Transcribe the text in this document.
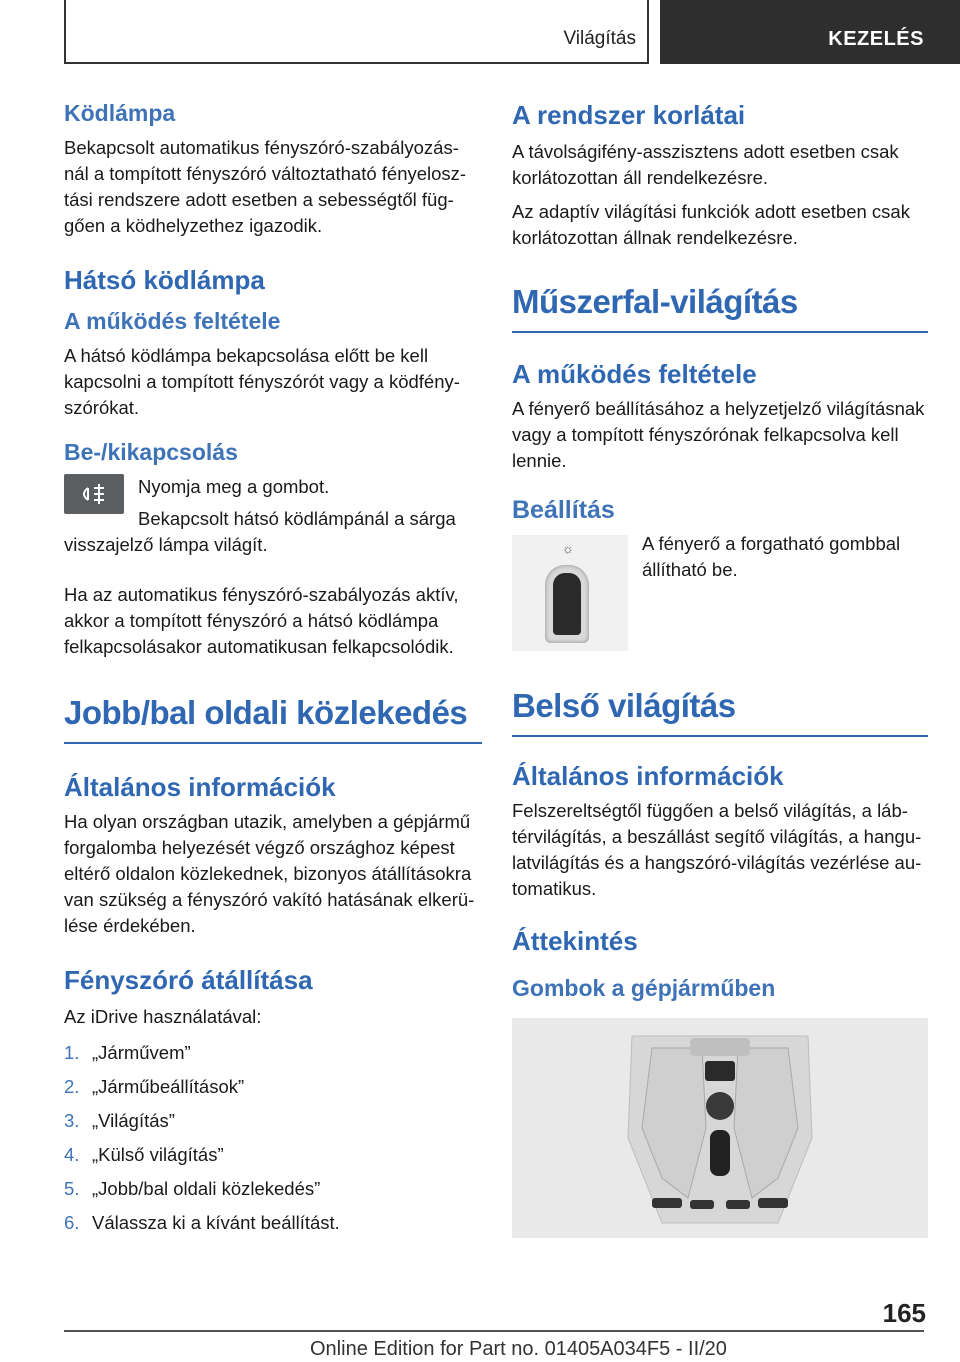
Világítás	KEZELÉS
Ködlámpa

Bekapcsolt automatikus fényszóró-szabályozás-nál a tompított fényszóró változtatható fényelosz-tási rendszere adott esetben a sebességtől füg-gően a ködhelyzethez igazodik.

Hátsó ködlámpa
A működés feltétele

A hátsó ködlámpa bekapcsolása előtt be kell kapcsolni a tompított fényszórót vagy a ködfény-szórókat.

Be-/kikapcsolás

Nyomja meg a gombot.

Bekapcsolt hátsó ködlámpánál a sárga visszajelző lámpa világít.

Ha az automatikus fényszóró-szabályozás aktív, akkor a tompított fényszóró a hátsó ködlámpa felkapcsolásakor automatikusan felkapcsolódik.

Jobb/bal oldali közlekedés
Általános információk

Ha olyan országban utazik, amelyben a gépjármű forgalomba helyezését végző országhoz képest eltérő oldalon közlekednek, bizonyos átállításokra van szükség a fényszóró vakító hatásának elkerü-lése érdekében.

Fényszóró átállítása

Az iDrive használatával:

1. „Járművem”
2. „Járműbeállítások”
3. „Világítás”
4. „Külső világítás”
5. „Jobb/bal oldali közlekedés”
6. Válassza ki a kívánt beállítást.
A rendszer korlátai

A távolságifény-asszisztens adott esetben csak korlátozottan áll rendelkezésre.

Az adaptív világítási funkciók adott esetben csak korlátozottan állnak rendelkezésre.

Műszerfal-világítás
A működés feltétele

A fényerő beállításához a helyzetjelző világításnak vagy a tompított fényszórónak felkapcsolva kell lennie.

Beállítás
☼	A fényerő a forgatható gombbal állítható be.

Belső világítás
Általános információk

Felszereltségtől függően a belső világítás, a láb-térvilágítás, a beszállást segítő világítás, a hangu-latvilágítás és a hangszóró-világítás vezérlése au-tomatikus.

Áttekintés
Gombok a gépjárműben
165
Online Edition for Part no. 01405A034F5 - II/20
